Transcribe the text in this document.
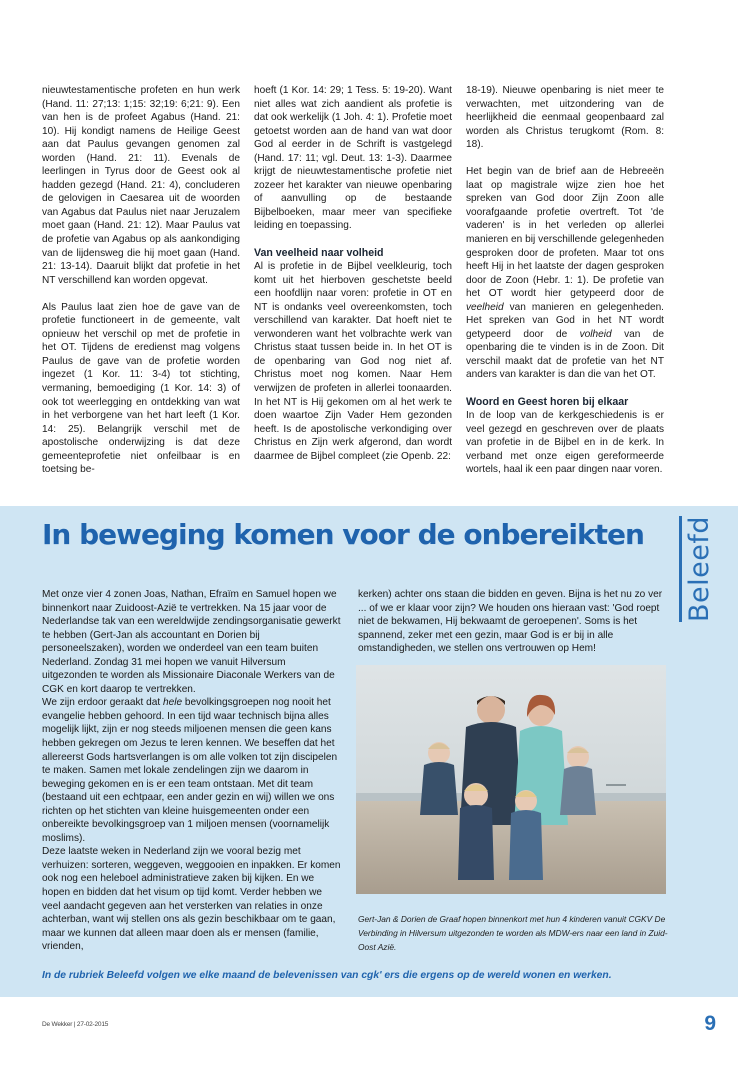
nieuwtestamentische profeten en hun werk (Hand. 11: 27;13: 1;15: 32;19: 6;21: 9). Een van hen is de profeet Agabus (Hand. 21: 10). Hij kondigt namens de Heilige Geest aan dat Paulus gevangen genomen zal worden (Hand. 21: 11). Evenals de leerlingen in Tyrus door de Geest ook al hadden gezegd (Hand. 21: 4), concluderen de gelovigen in Caesarea uit de woorden van Agabus dat Paulus niet naar Jeruzalem moet gaan (Hand. 21: 12). Maar Paulus vat de profetie van Agabus op als aankondiging van de lijdensweg die hij moet gaan (Hand. 21: 13-14). Daaruit blijkt dat profetie in het NT verschillend kan worden opgevat.

Als Paulus laat zien hoe de gave van de profetie functioneert in de gemeente, valt opnieuw het verschil op met de profetie in het OT. Tijdens de eredienst mag volgens Paulus de gave van de profetie worden ingezet (1 Kor. 11: 3-4) tot stichting, vermaning, bemoediging (1 Kor. 14: 3) of ook tot weerlegging en ontdekking van wat in het verborgene van het hart leeft (1 Kor. 14: 25). Belangrijk verschil met de apostolische onderwijzing is dat deze gemeenteprofetie niet onfeilbaar is en toetsing be-

hoeft (1 Kor. 14: 29; 1 Tess. 5: 19-20). Want niet alles wat zich aandient als profetie is dat ook werkelijk (1 Joh. 4: 1). Profetie moet getoetst worden aan de hand van wat door God al eerder in de Schrift is vastgelegd (Hand. 17: 11; vgl. Deut. 13: 1-3). Daarmee krijgt de nieuwtestamentische profetie niet zozeer het karakter van nieuwe openbaring of aanvulling op de bestaande Bijbelboeken, maar meer van specifieke leiding en toepassing.

Van veelheid naar volheid

Al is profetie in de Bijbel veelkleurig, toch komt uit het hierboven geschetste beeld een hoofdlijn naar voren: profetie in OT en NT is ondanks veel overeenkomsten, toch verschillend van karakter. Dat hoeft niet te verwonderen want het volbrachte werk van Christus staat tussen beide in. In het OT is de openbaring van God nog niet af. Christus moet nog komen. Naar Hem verwijzen de profeten in allerlei toonaarden. In het NT is Hij gekomen om al het werk te doen waartoe Zijn Vader Hem gezonden heeft. Is de apostolische verkondiging over Christus en Zijn werk afgerond, dan wordt daarmee de Bijbel compleet (zie Openb. 22:

18-19). Nieuwe openbaring is niet meer te verwachten, met uitzondering van de heerlijkheid die eenmaal geopenbaard zal worden als Christus terugkomt (Rom. 8: 18).

Het begin van de brief aan de Hebreeën laat op magistrale wijze zien hoe het spreken van God door Zijn Zoon alle voorafgaande profetie overtreft. Tot 'de vaderen' is in het verleden op allerlei manieren en bij verschillende gelegenheden gesproken door de profeten. Maar tot ons heeft Hij in het laatste der dagen gesproken door de Zoon (Hebr. 1: 1). De profetie van het OT wordt hier getypeerd door de veelheid van manieren en gelegenheden. Het spreken van God in het NT wordt getypeerd door de volheid van de openbaring die te vinden is in de Zoon. Dit verschil maakt dat de profetie van het NT anders van karakter is dan die van het OT.

Woord en Geest horen bij elkaar

In de loop van de kerkgeschiedenis is er veel gezegd en geschreven over de plaats van profetie in de Bijbel en in de kerk. In verband met onze eigen gereformeerde wortels, haal ik een paar dingen naar voren.

Beleefd
In beweging komen voor de onbereikten

Met onze vier 4 zonen Joas, Nathan, Efraïm en Samuel hopen we binnenkort naar Zuidoost-Azië te vertrekken. Na 15 jaar voor de Nederlandse tak van een wereldwijde zendingsorganisatie gewerkt te hebben (Gert-Jan als accountant en Dorien bij personeelszaken), worden we onderdeel van een team buiten Nederland. Zondag 31 mei hopen we vanuit Hilversum uitgezonden te worden als Missionaire Diaconale Werkers van de CGK en kort daarop te vertrekken.

We zijn erdoor geraakt dat hele bevolkingsgroepen nog nooit het evangelie hebben gehoord. In een tijd waar technisch bijna alles mogelijk lijkt, zijn er nog steeds miljoenen mensen die geen kans hebben gekregen om Jezus te leren kennen. We beseffen dat het allereerst Gods hartsverlangen is om alle volken tot zijn discipelen te maken. Samen met lokale zendelingen zijn we daarom in beweging gekomen en is er een team ontstaan. Met dit team (bestaand uit een echtpaar, een ander gezin en wij) willen we ons richten op het stichten van kleine huisgemeenten onder een onbereikte bevolkingsgroep van 1 miljoen mensen (voornamelijk moslims).

Deze laatste weken in Nederland zijn we vooral bezig met verhuizen: sorteren, weggeven, weggooien en inpakken. Er komen ook nog een heleboel administratieve zaken bij kijken. En we hopen en bidden dat het visum op tijd komt. Verder hebben we veel aandacht gegeven aan het versterken van relaties in onze achterban, want wij stellen ons als gezin beschikbaar om te gaan, maar we kunnen dat alleen maar doen als er mensen (familie, vrienden,

kerken) achter ons staan die bidden en geven. Bijna is het nu zo ver ... of we er klaar voor zijn? We houden ons hieraan vast: 'God roept niet de bekwamen, Hij bekwaamt de geroepenen'. Soms is het spannend, zeker met een gezin, maar God is er bij in alle omstandigheden, we stellen ons vertrouwen op Hem!

Gert-Jan & Dorien de Graaf hopen binnenkort met hun 4 kinderen vanuit CGKV De Verbinding in Hilversum uitgezonden te worden als MDW-ers naar een land in Zuid-Oost Azië.
In de rubriek Beleefd volgen we elke maand de belevenissen van cgk' ers die ergens op de wereld wonen en werken.
De Wekker | 27-02-2015	9
